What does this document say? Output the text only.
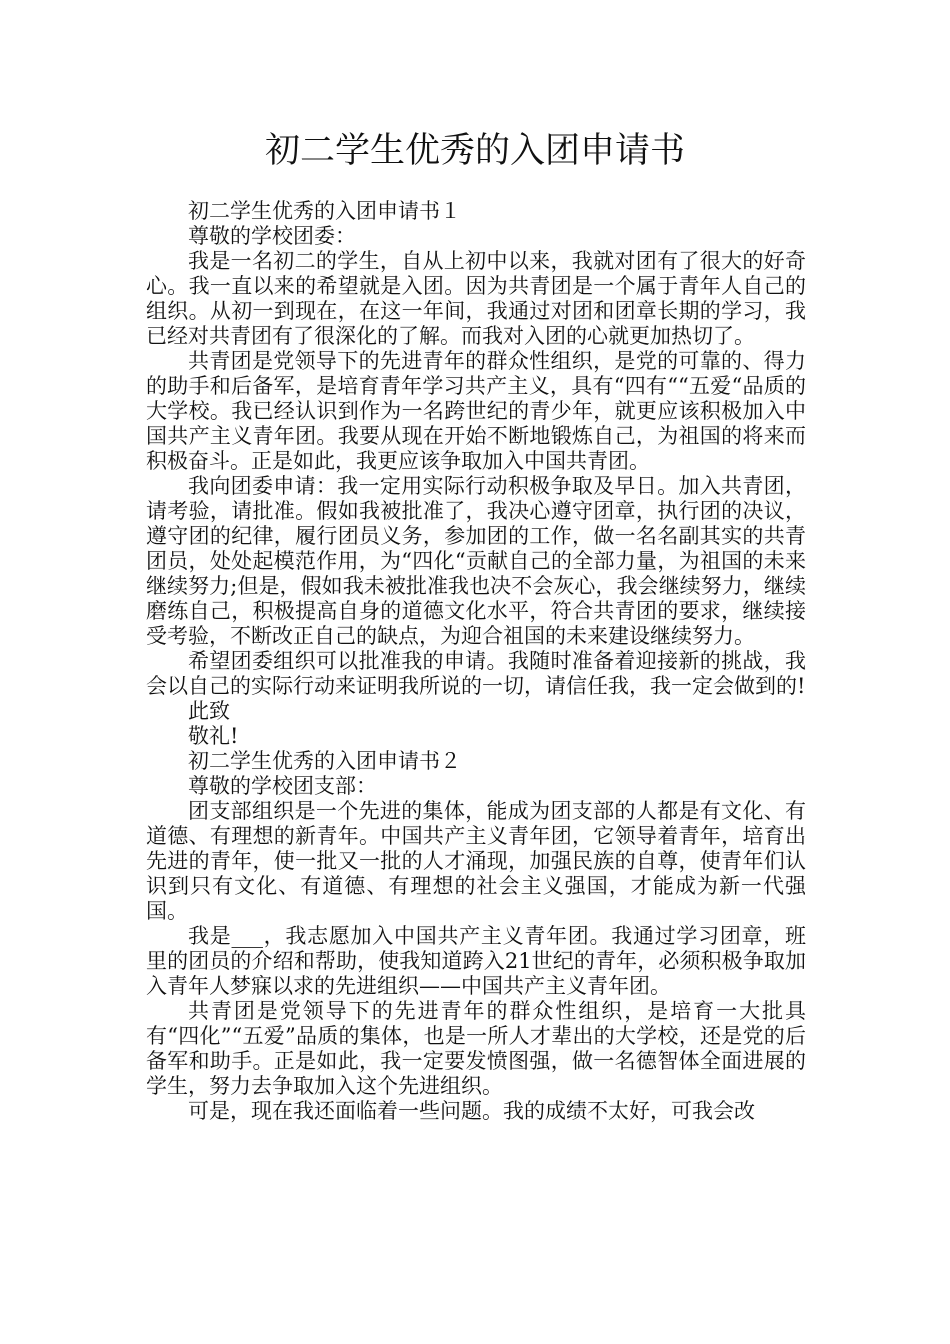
初二学生优秀的入团申请书

初二学生优秀的入团申请书１

尊敬的学校团委：

我是一名初二的学生，自从上初中以来，我就对团有了很大的好奇心。我一直以来的希望就是入团。因为共青团是一个属于青年人自己的组织。从初一到现在，在这一年间，我通过对团和团章长期的学习，我已经对共青团有了很深化的了解。而我对入团的心就更加热切了。

共青团是党领导下的先进青年的群众性组织，是党的可靠的、得力的助手和后备军，是培育青年学习共产主义，具有“四有““五爱“品质的大学校。我已经认识到作为一名跨世纪的青少年，就更应该积极加入中国共产主义青年团。我要从现在开始不断地锻炼自己，为祖国的将来而积极奋斗。正是如此，我更应该争取加入中国共青团。

我向团委申请：我一定用实际行动积极争取及早日。加入共青团，请考验，请批准。假如我被批准了，我决心遵守团章，执行团的决议，遵守团的纪律，履行团员义务，参加团的工作，做一名名副其实的共青团员，处处起模范作用，为“四化“贡献自己的全部力量，为祖国的未来继续努力;但是，假如我未被批准我也决不会灰心，我会继续努力，继续磨练自己，积极提高自身的道德文化水平，符合共青团的要求，继续接受考验，不断改正自己的缺点，为迎合祖国的未来建设继续努力。

希望团委组织可以批准我的申请。我随时准备着迎接新的挑战，我会以自己的实际行动来证明我所说的一切，请信任我，我一定会做到的!

此致

敬礼!

初二学生优秀的入团申请书２

尊敬的学校团支部：

团支部组织是一个先进的集体，能成为团支部的人都是有文化、有道德、有理想的新青年。中国共产主义青年团，它领导着青年，培育出先进的青年，使一批又一批的人才涌现，加强民族的自尊，使青年们认识到只有文化、有道德、有理想的社会主义强国，才能成为新一代强国。

我是___，我志愿加入中国共产主义青年团。我通过学习团章，班里的团员的介绍和帮助，使我知道跨入21世纪的青年，必须积极争取加入青年人梦寐以求的先进组织——中国共产主义青年团。

共青团是党领导下的先进青年的群众性组织，是培育一大批具有“四化”“五爱”品质的集体，也是一所人才辈出的大学校，还是党的后备军和助手。正是如此，我一定要发愤图强，做一名德智体全面进展的学生，努力去争取加入这个先进组织。

可是，现在我还面临着一些问题。我的成绩不太好，可我会改
